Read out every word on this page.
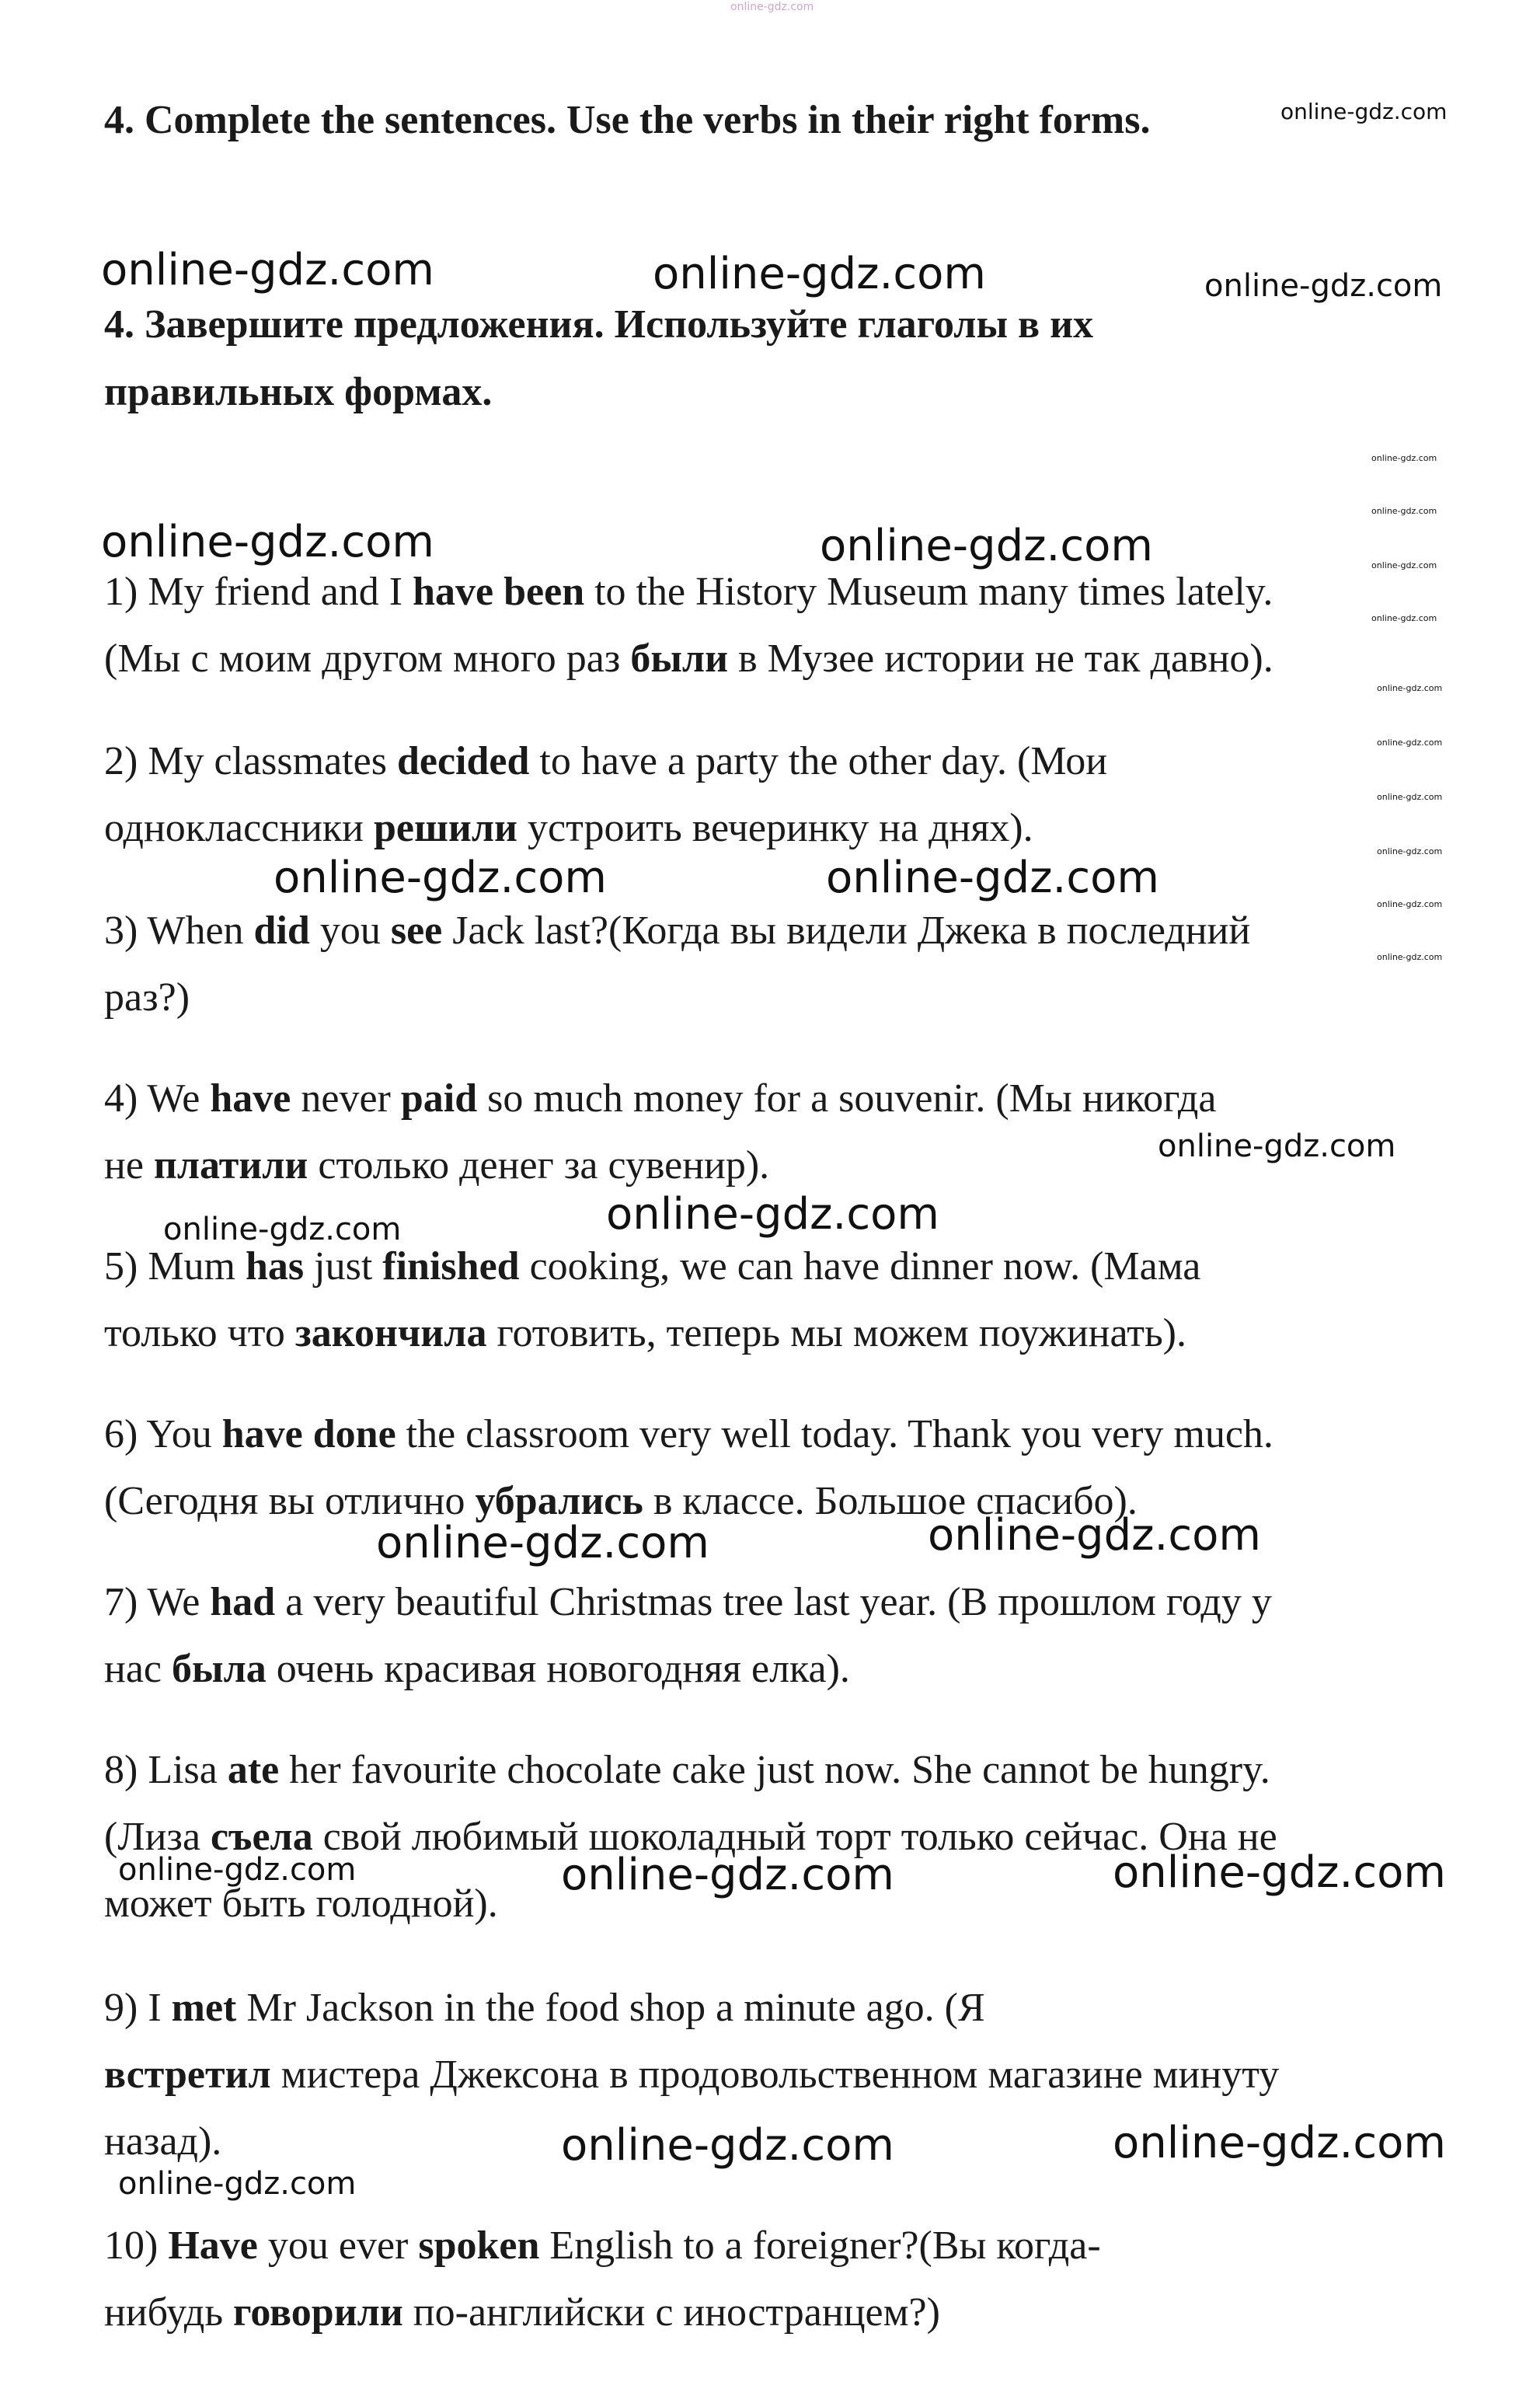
4. Complete the sentences. Use the verbs in their right forms.
4. Завершите предложения. Используйте глаголы в их
правильных формах.
1) My friend and I have been to the History Museum many times lately.
(Мы с моим другом много раз были в Музее истории не так давно).
2) My classmates decided to have a party the other day. (Мои
одноклассники решили устроить вечеринку на днях).
3) When did you see Jack last?(Когда вы видели Джека в последний
раз?)
4) We have never paid so much money for a souvenir. (Мы никогда
не платили столько денег за сувенир).
5) Mum has just finished cooking, we can have dinner now. (Мама
только что закончила готовить, теперь мы можем поужинать).
6) You have done the classroom very well today. Thank you very much.
(Сегодня вы отлично убрались в классе. Большое спасибо).
7) We had a very beautiful Christmas tree last year. (В прошлом году у
нас была очень красивая новогодняя елка).
8) Lisa ate her favourite chocolate cake just now. She cannot be hungry.
(Лиза съела свой любимый шоколадный торт только сейчас. Она не
может быть голодной).
9) I met Mr Jackson in the food shop a minute ago. (Я
встретил мистера Джексона в продовольственном магазине минуту
назад).
10) Have you ever spoken English to a foreigner?(Вы когда-
нибудь говорили по-английски с иностранцем?)
online-gdz.com
online-gdz.com
online-gdz.com	online-gdz.com	online-gdz.com
online-gdz.com
online-gdz.com
online-gdz.com	online-gdz.com	online-gdz.com
online-gdz.com
online-gdz.com
online-gdz.com
online-gdz.com
online-gdz.com
online-gdz.com	online-gdz.com
online-gdz.com
online-gdz.com
online-gdz.com
online-gdz.com	online-gdz.com
online-gdz.com	online-gdz.com
online-gdz.com	online-gdz.com	online-gdz.com
online-gdz.com	online-gdz.com
online-gdz.com
